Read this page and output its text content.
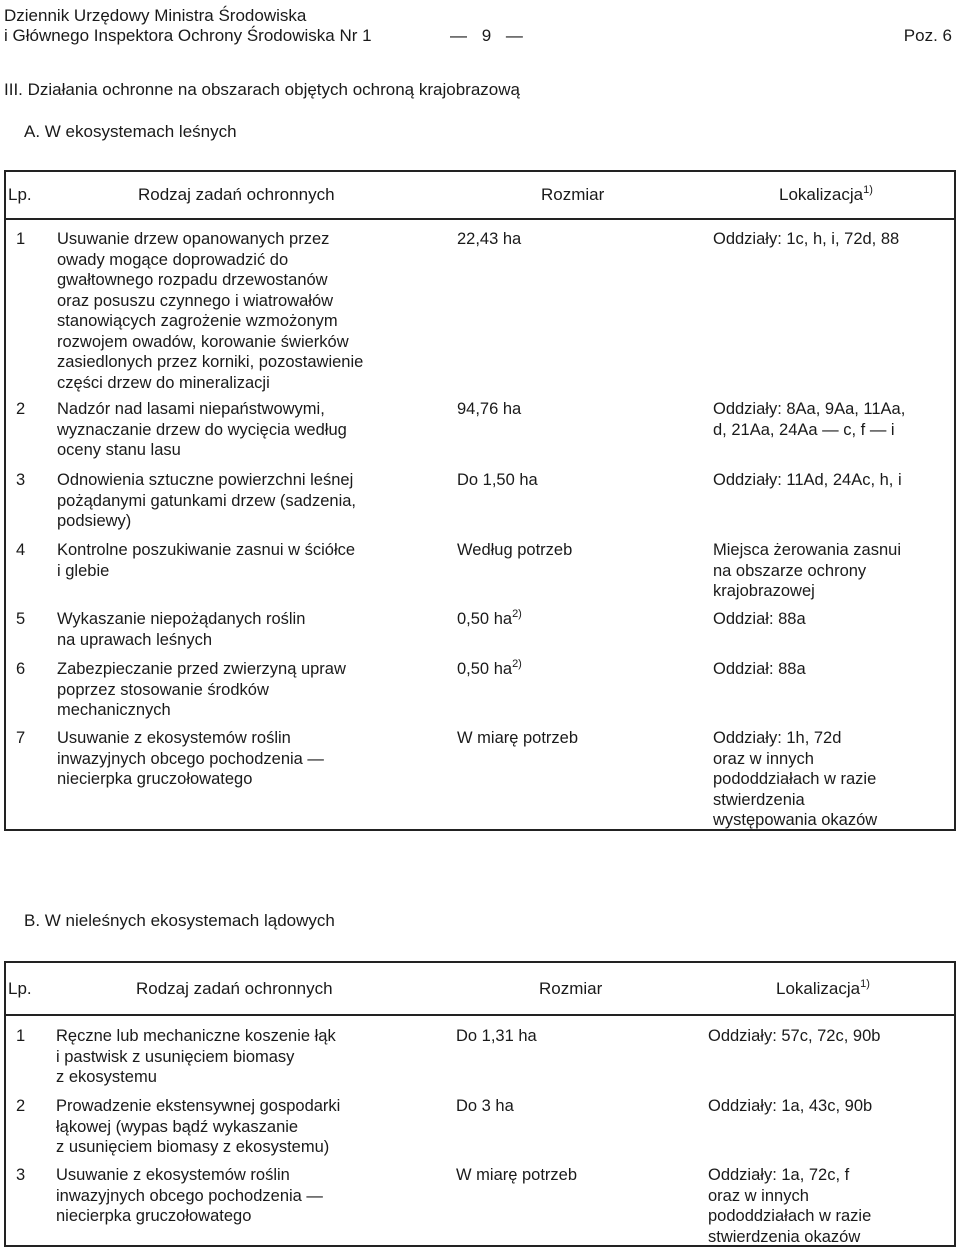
Dziennik Urzędowy Ministra Środowiska
i Głównego Inspektora Ochrony Środowiska Nr 1	— 9 —	Poz. 6
III. Działania ochronne na obszarach objętych ochroną krajobrazową
A. W ekosystemach leśnych
Lp.	Rodzaj zadań ochronnych	Rozmiar	Lokalizacja$^{1)}$
1 Usuwanie drzew opanowanych przez
owady mogące doprowadzić do
gwałtownego rozpadu drzewostanów
oraz posuszu czynnego i wiatrowałów
stanowiących zagrożenie wzmożonym
rozwojem owadów, korowanie świerków
zasiedlonych przez korniki, pozostawienie
części drzew do mineralizacji
22,43 ha	Oddziały: 1c, h, i, 72d, 88
2 Nadzór nad lasami niepaństwowymi,
wyznaczanie drzew do wycięcia według
oceny stanu lasu
94,76 ha	Oddziały: 8Aa, 9Aa, 11Aa,
d, 21Aa, 24Aa — c, f — i
3 Odnowienia sztuczne powierzchni leśnej
pożądanymi gatunkami drzew (sadzenia,
podsiewy)
Do 1,50 ha	Oddziały: 11Ad, 24Ac, h, i
4 Kontrolne poszukiwanie zasnui w ściółce
i glebie
Według potrzeb	Miejsca żerowania zasnui
na obszarze ochrony
krajobrazowej
5 Wykaszanie niepożądanych roślin
na uprawach leśnych
0,50 $ha^{2)}$	Oddział: 88a
6 Zabezpieczanie przed zwierzyną upraw
poprzez stosowanie środków
mechanicznych
0,50 $ha^{2)}$	Oddział: 88a
7 Usuwanie z ekosystemów roślin
inwazyjnych obcego pochodzenia —
niecierpka gruczołowatego
W miarę potrzeb	Oddziały: 1h, 72d
oraz w innych
pododdziałach w razie
stwierdzenia
występowania okazów
B. W nieleśnych ekosystemach lądowych
Lp.	Rodzaj zadań ochronnych	Rozmiar	Lokalizacja$^{1)}$
1 Ręczne lub mechaniczne koszenie łąk
i pastwisk z usunięciem biomasy
z ekosystemu
Do 1,31 ha	Oddziały: 57c, 72c, 90b
2 Prowadzenie ekstensywnej gospodarki
łąkowej (wypas bądź wykaszanie
z usunięciem biomasy z ekosystemu)
Do 3 ha	Oddziały: 1a, 43c, 90b
3 Usuwanie z ekosystemów roślin
inwazyjnych obcego pochodzenia —
niecierpka gruczołowatego
W miarę potrzeb	Oddziały: 1a, 72c, f
oraz w innych
pododdziałach w razie
stwierdzenia okazów
